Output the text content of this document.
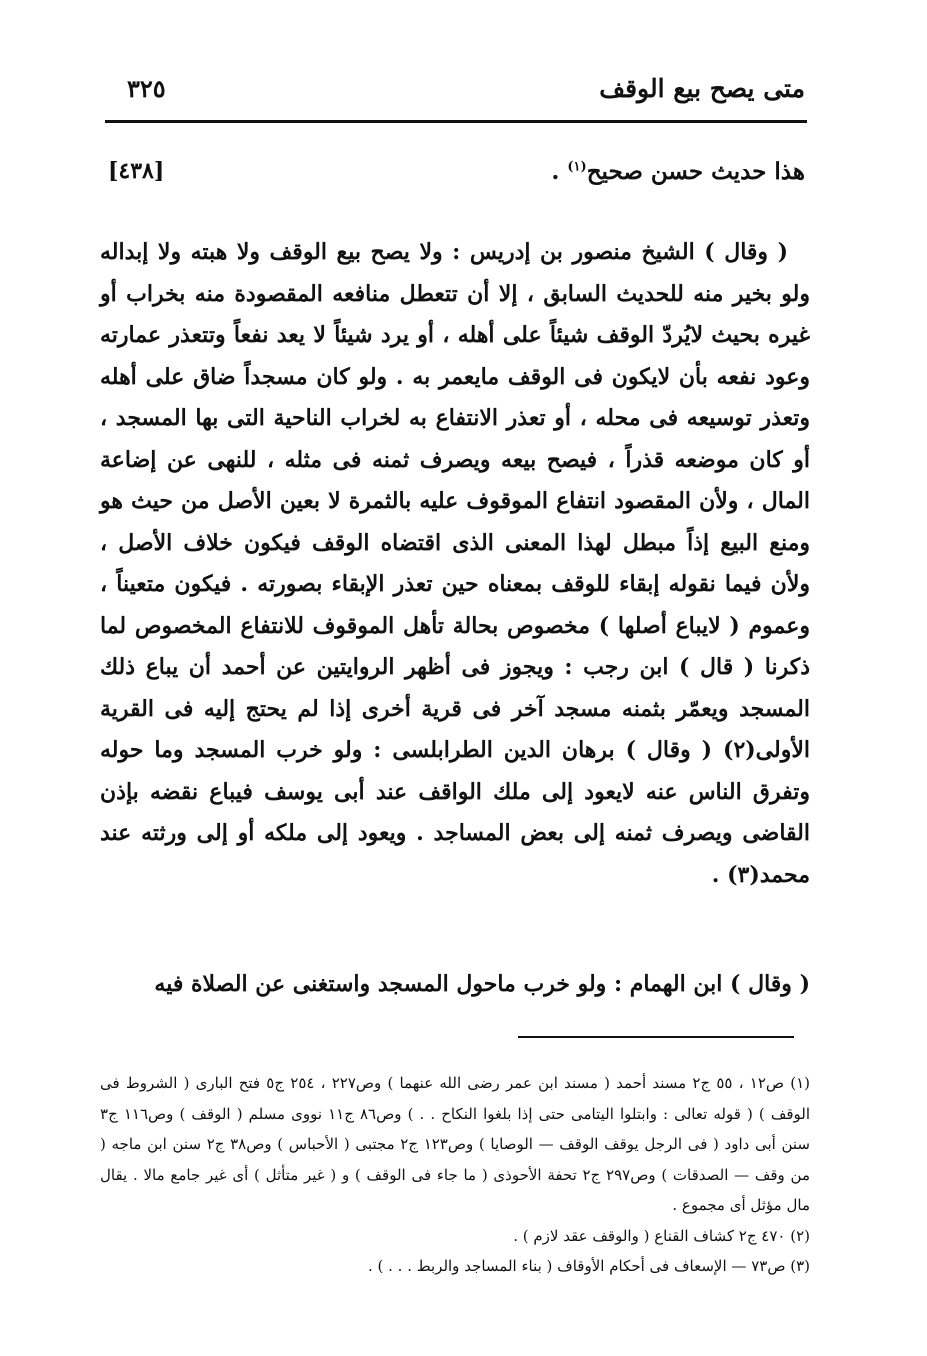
متى يصح بيع الوقف
٣٢٥
هذا حديث حسن صحيح$^{(١)}$ .
[٤٣٨]

( وقال ) الشيخ منصور بن إدريس : ولا يصح بيع الوقف ولا هبته ولا إبداله ولو بخير منه للحديث السابق ، إلا أن تتعطل منافعه المقصودة منه بخراب أو غيره بحيث لايُردّ الوقف شيئاً على أهله ، أو يرد شيئاً لا يعد نفعاً وتتعذر عمارته وعود نفعه بأن لايكون فى الوقف مايعمر به . ولو كان مسجداً ضاق على أهله وتعذر توسيعه فى محله ، أو تعذر الانتفاع به لخراب الناحية التى بها المسجد ، أو كان موضعه قذراً ، فيصح بيعه ويصرف ثمنه فى مثله ، للنهى عن إضاعة المال ، ولأن المقصود انتفاع الموقوف عليه بالثمرة لا بعين الأصل من حيث هو ومنع البيع إذاً مبطل لهذا المعنى الذى اقتضاه الوقف فيكون خلاف الأصل ، ولأن فيما نقوله إبقاء للوقف بمعناه حين تعذر الإبقاء بصورته . فيكون متعيناً ، وعموم ( لايباع أصلها ) مخصوص بحالة تأهل الموقوف للانتفاع المخصوص لما ذكرنا ( قال ) ابن رجب : ويجوز فى أظهر الروايتين عن أحمد أن يباع ذلك المسجد ويعمّر بثمنه مسجد آخر فى قرية أخرى إذا لم يحتج إليه فى القرية الأولى(٢) ( وقال ) برهان الدين الطرابلسى : ولو خرب المسجد وما حوله وتفرق الناس عنه لايعود إلى ملك الواقف عند أبى يوسف فيباع نقضه بإذن القاضى ويصرف ثمنه إلى بعض المساجد . ويعود إلى ملكه أو إلى ورثته عند محمد(٣) .

( وقال ) ابن الهمام : ولو خرب ماحول المسجد واستغنى عن الصلاة فيه

(١) ص١٢ ، ٥٥ ج٢ مسند أحمد ( مسند ابن عمر رضى الله عنهما ) وص٢٢٧ ، ٢٥٤ ج٥ فتح البارى ( الشروط فى الوقف ) ( قوله تعالى : وابتلوا اليتامى حتى إذا بلغوا النكاح . . ) وص٨٦ ج١١ نووى مسلم ( الوقف ) وص١١٦ ج٣ سنن أبى داود ( فى الرجل يوقف الوقف — الوصايا ) وص١٢٣ ج٢ مجتبى ( الأحباس ) وص٣٨ ج٢ سنن ابن ماجه ( من وقف — الصدقات ) وص٢٩٧ ج٢ تحفة الأحوذى ( ما جاء فى الوقف ) و ( غير متأثل ) أى غير جامع مالا . يقال مال مؤثل أى مجموع .

(٢) ٤٧٠ ج٢ كشاف القناع ( والوقف عقد لازم ) .

(٣) ص٧٣ — الإسعاف فى أحكام الأوقاف ( بناء المساجد والربط . . . ) .
